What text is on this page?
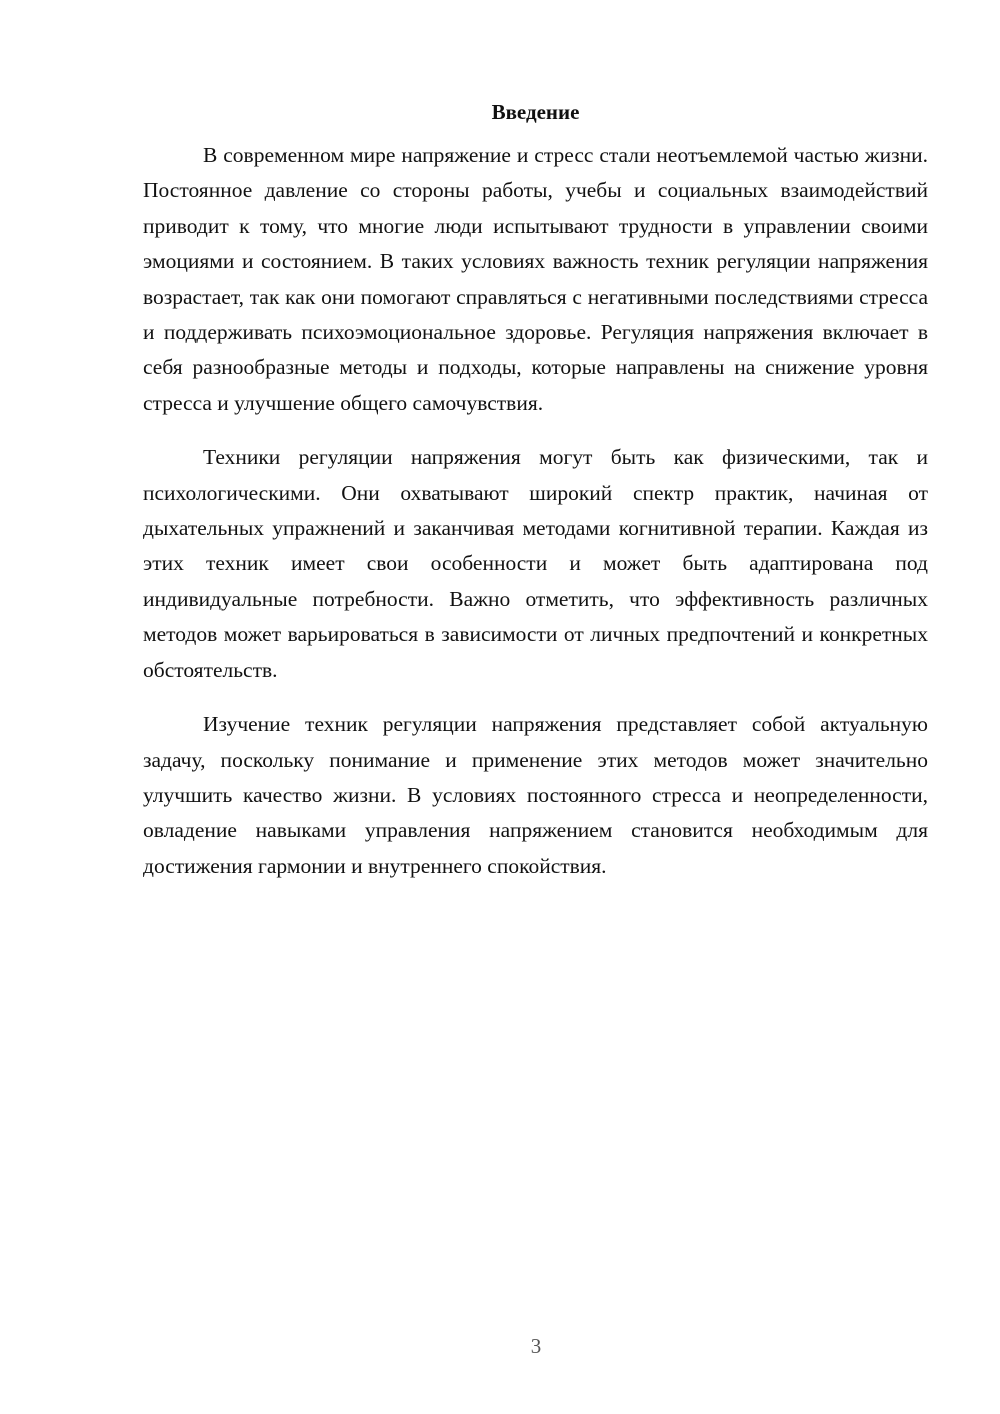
Введение

В современном мире напряжение и стресс стали неотъемлемой частью жизни. Постоянное давление со стороны работы, учебы и социальных взаимодействий приводит к тому, что многие люди испытывают трудности в управлении своими эмоциями и состоянием. В таких условиях важность техник регуляции напряжения возрастает, так как они помогают справляться с негативными последствиями стресса и поддерживать психоэмоциональное здоровье. Регуляция напряжения включает в себя разнообразные методы и подходы, которые направлены на снижение уровня стресса и улучшение общего самочувствия.

Техники регуляции напряжения могут быть как физическими, так и психологическими. Они охватывают широкий спектр практик, начиная от дыхательных упражнений и заканчивая методами когнитивной терапии. Каждая из этих техник имеет свои особенности и может быть адаптирована под индивидуальные потребности. Важно отметить, что эффективность различных методов может варьироваться в зависимости от личных предпочтений и конкретных обстоятельств.

Изучение техник регуляции напряжения представляет собой актуальную задачу, поскольку понимание и применение этих методов может значительно улучшить качество жизни. В условиях постоянного стресса и неопределенности, овладение навыками управления напряжением становится необходимым для достижения гармонии и внутреннего спокойствия.

3
